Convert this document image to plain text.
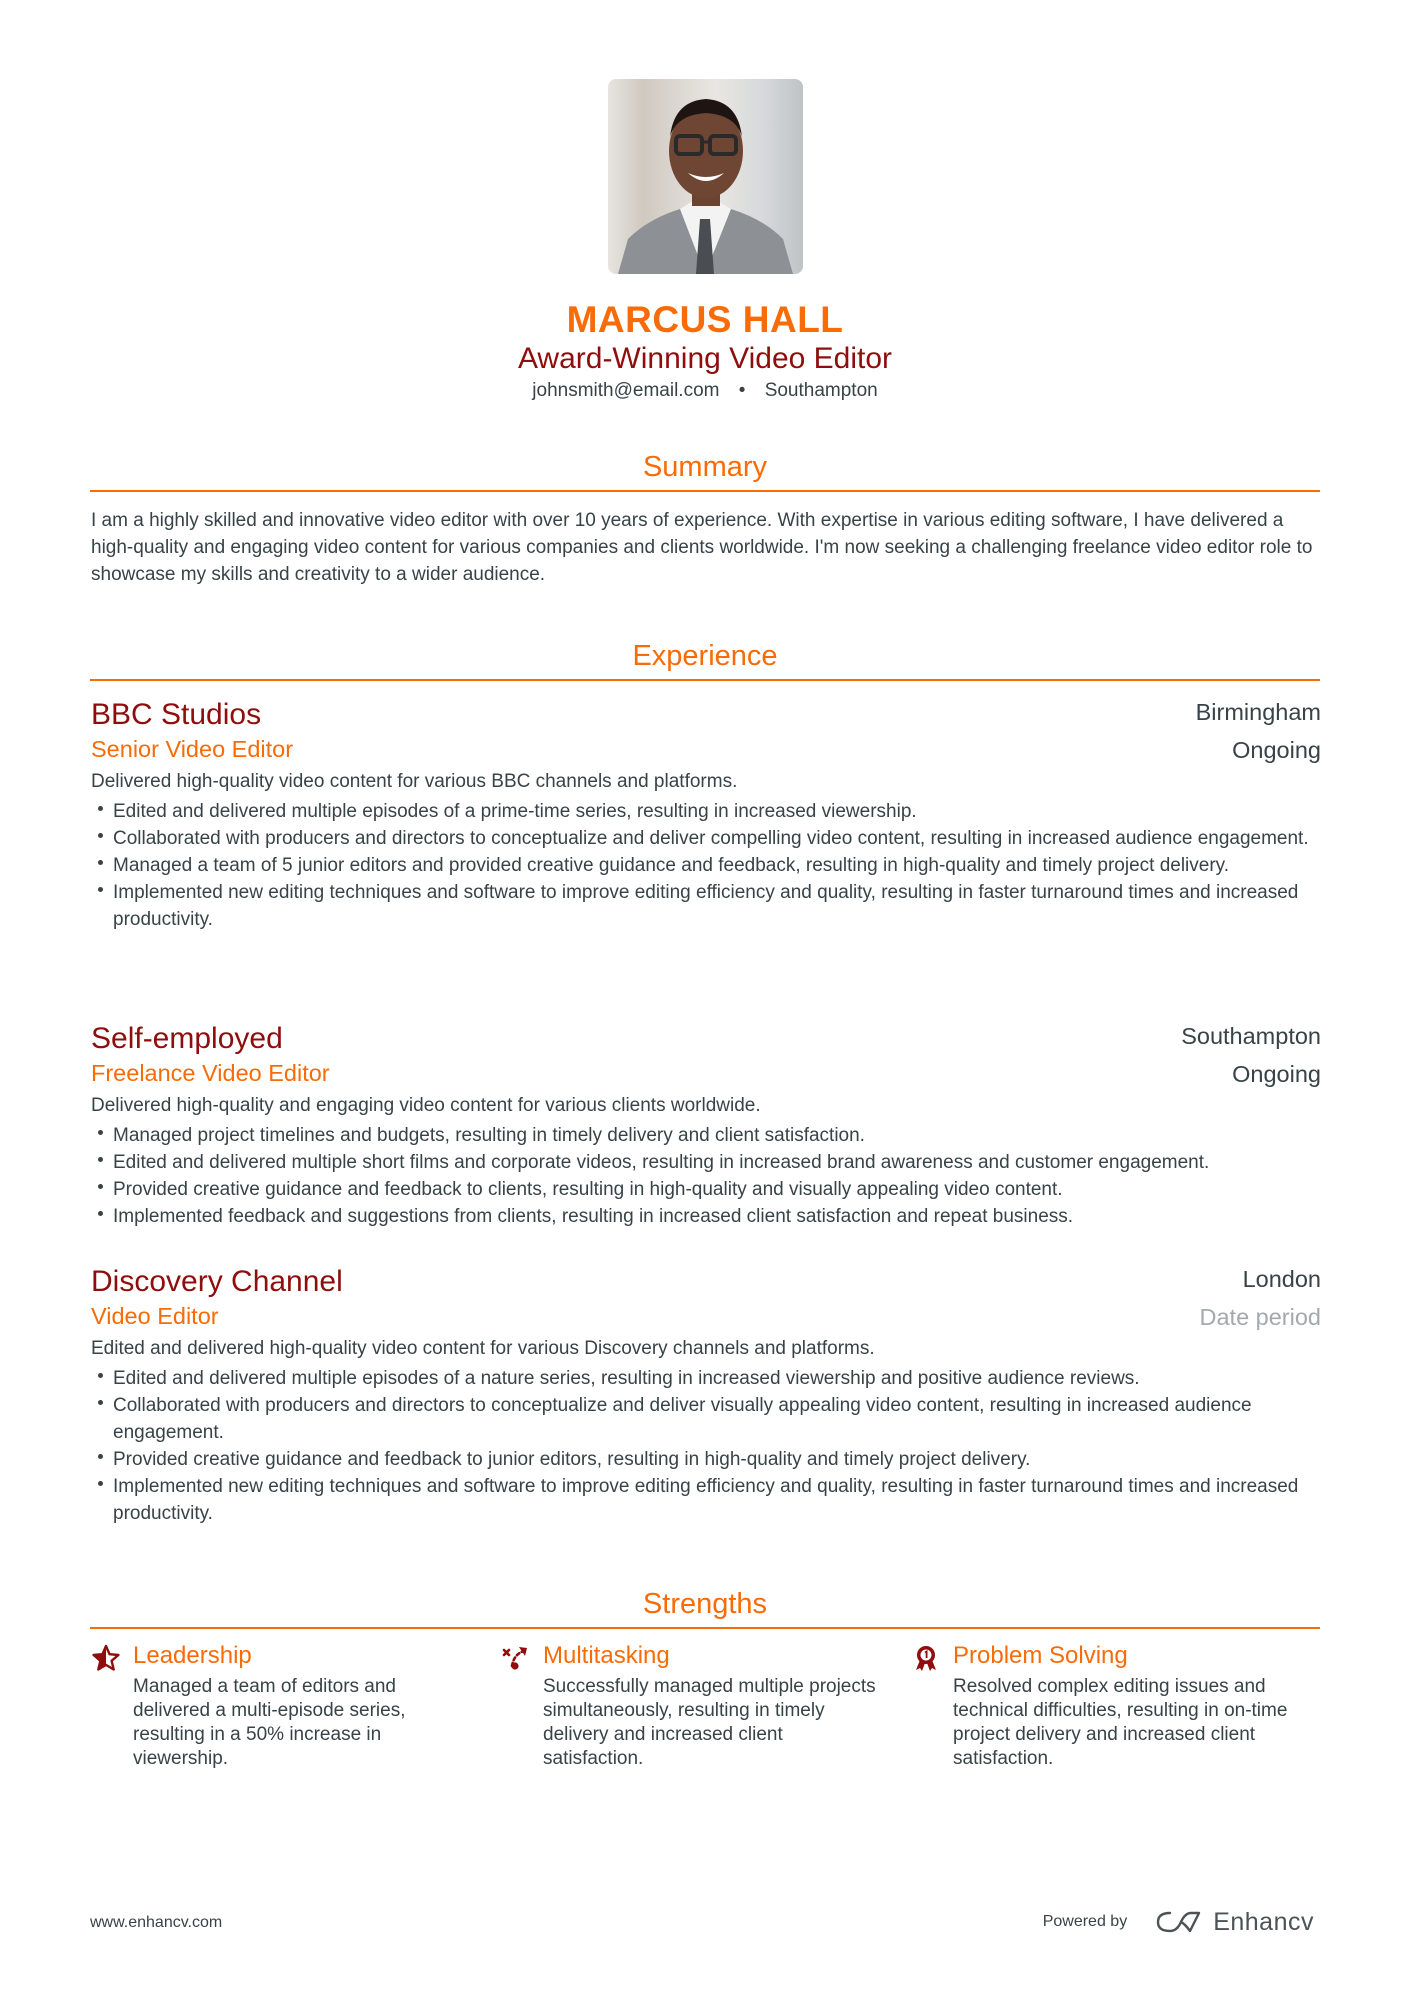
MARCUS HALL
Award-Winning Video Editor
johnsmith@email.com • Southampton
Summary
I am a highly skilled and innovative video editor with over 10 years of experience. With expertise in various editing software, I have delivered a high-quality and engaging video content for various companies and clients worldwide. I'm now seeking a challenging freelance video editor role to showcase my skills and creativity to a wider audience.
Experience
BBC Studios
Senior Video Editor
Birmingham
Ongoing
Delivered high-quality video content for various BBC channels and platforms.
Edited and delivered multiple episodes of a prime-time series, resulting in increased viewership.
Collaborated with producers and directors to conceptualize and deliver compelling video content, resulting in increased audience engagement.
Managed a team of 5 junior editors and provided creative guidance and feedback, resulting in high-quality and timely project delivery.
Implemented new editing techniques and software to improve editing efficiency and quality, resulting in faster turnaround times and increased productivity.
Self-employed
Freelance Video Editor
Southampton
Ongoing
Delivered high-quality and engaging video content for various clients worldwide.
Managed project timelines and budgets, resulting in timely delivery and client satisfaction.
Edited and delivered multiple short films and corporate videos, resulting in increased brand awareness and customer engagement.
Provided creative guidance and feedback to clients, resulting in high-quality and visually appealing video content.
Implemented feedback and suggestions from clients, resulting in increased client satisfaction and repeat business.
Discovery Channel
Video Editor
London
Date period
Edited and delivered high-quality video content for various Discovery channels and platforms.
Edited and delivered multiple episodes of a nature series, resulting in increased viewership and positive audience reviews.
Collaborated with producers and directors to conceptualize and deliver visually appealing video content, resulting in increased audience engagement.
Provided creative guidance and feedback to junior editors, resulting in high-quality and timely project delivery.
Implemented new editing techniques and software to improve editing efficiency and quality, resulting in faster turnaround times and increased productivity.
Strengths
Leadership
Managed a team of editors and delivered a multi-episode series, resulting in a 50% increase in viewership.
Multitasking
Successfully managed multiple projects simultaneously, resulting in timely delivery and increased client satisfaction.
Problem Solving
Resolved complex editing issues and technical difficulties, resulting in on-time project delivery and increased client satisfaction.
www.enhancv.com	Powered by	Enhancv
